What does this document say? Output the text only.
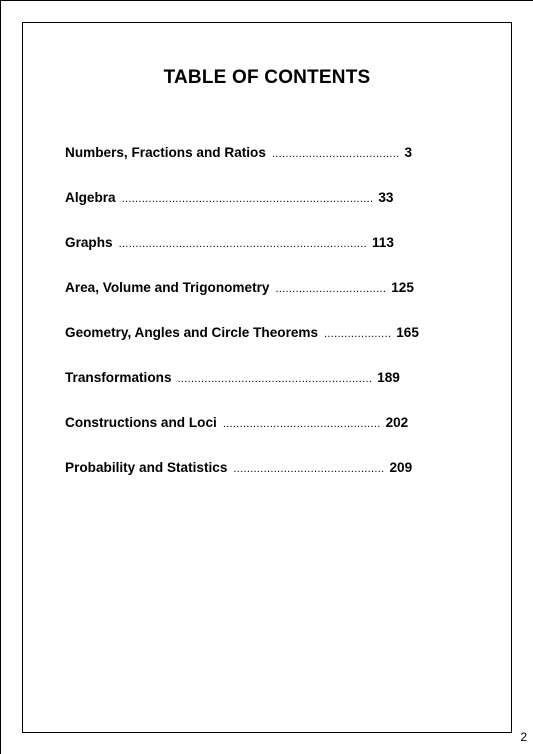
TABLE OF CONTENTS
Numbers, Fractions and Ratios ...................................... 3
Algebra ........................................................................... 33
Graphs .......................................................................... 113
Area, Volume and Trigonometry ................................. 125
Geometry, Angles and Circle Theorems .................... 165
Transformations .......................................................... 189
Constructions and Loci ............................................... 202
Probability and Statistics ............................................. 209
2
